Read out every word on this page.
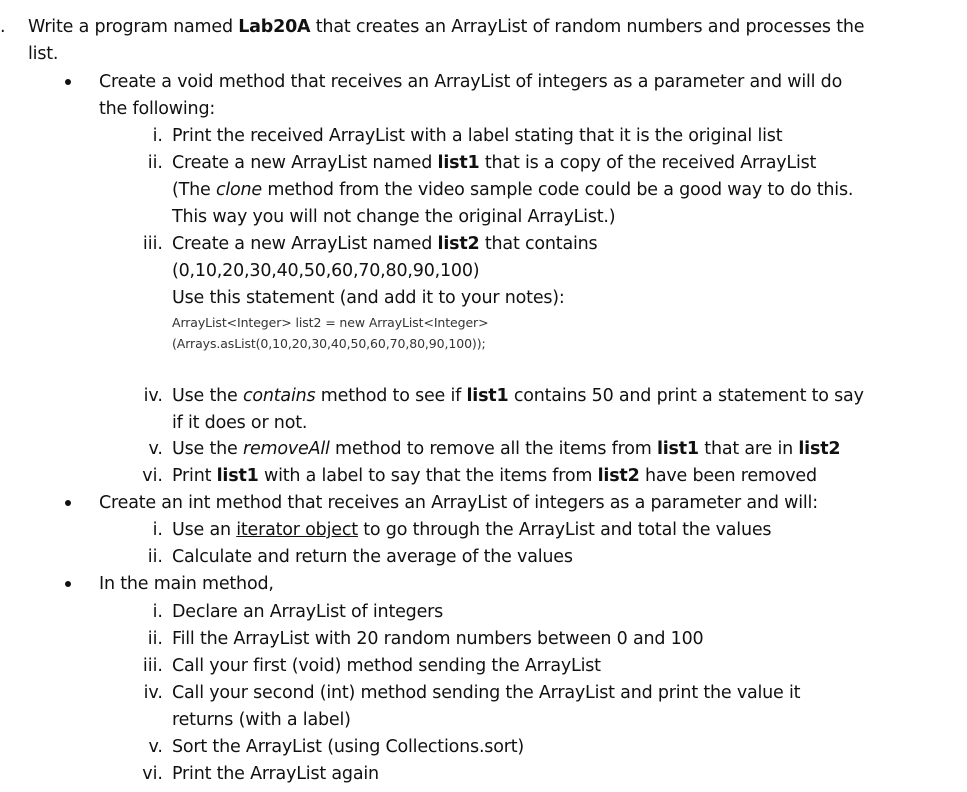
. Write a program named Lab20A that creates an ArrayList of random numbers and processes the
list.
Create a void method that receives an ArrayList of integers as a parameter and will do
the following:
i. Print the received ArrayList with a label stating that it is the original list
ii. Create a new ArrayList named list1 that is a copy of the received ArrayList
(The clone method from the video sample code could be a good way to do this.
This way you will not change the original ArrayList.)
iii. Create a new ArrayList named list2 that contains
(0,10,20,30,40,50,60,70,80,90,100)
Use this statement (and add it to your notes):
ArrayList<Integer> list2 = new ArrayList<Integer>
(Arrays.asList(0,10,20,30,40,50,60,70,80,90,100));
iv. Use the contains method to see if list1 contains 50 and print a statement to say
if it does or not.
v. Use the removeAll method to remove all the items from list1 that are in list2
vi. Print list1 with a label to say that the items from list2 have been removed
Create an int method that receives an ArrayList of integers as a parameter and will:
i. Use an iterator object to go through the ArrayList and total the values
ii. Calculate and return the average of the values
In the main method,
i. Declare an ArrayList of integers
ii. Fill the ArrayList with 20 random numbers between 0 and 100
iii. Call your first (void) method sending the ArrayList
iv. Call your second (int) method sending the ArrayList and print the value it
returns (with a label)
v. Sort the ArrayList (using Collections.sort)
vi. Print the ArrayList again
